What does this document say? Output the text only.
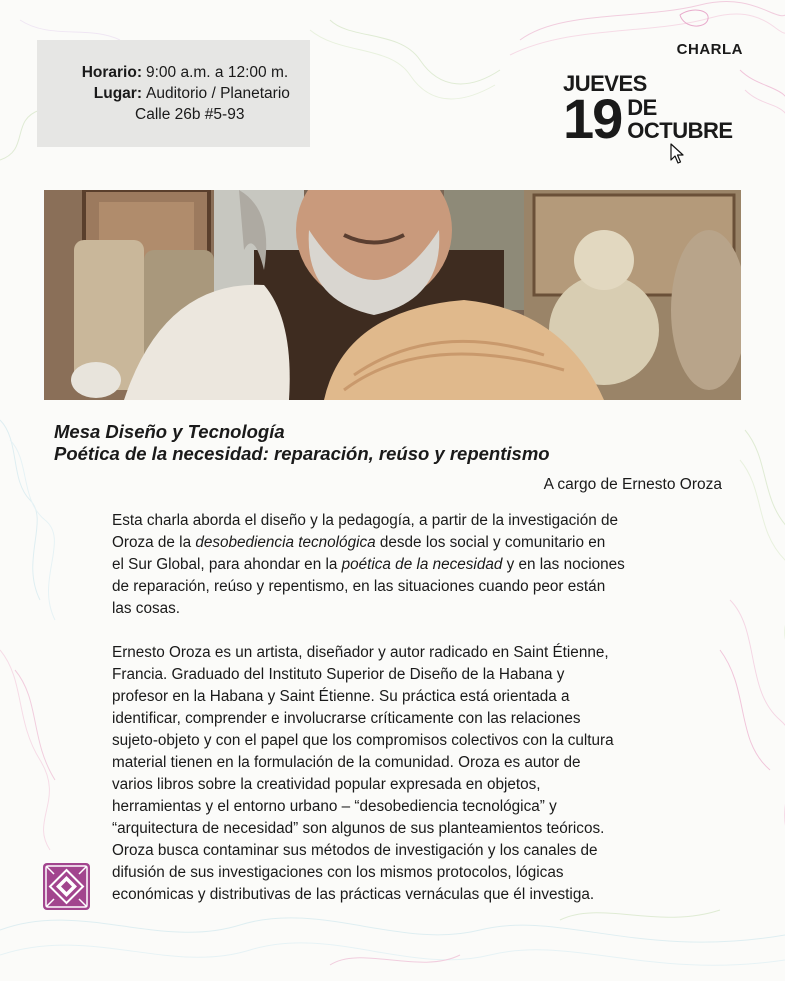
Horario: 9:00 a.m. a 12:00 m.
Lugar: Auditorio / Planetario
Calle 26b #5-93
CHARLA
JUEVES
19 DE
OCTUBRE
Mesa Diseño y Tecnología
Poética de la necesidad: reparación, reúso y repentismo
A cargo de Ernesto Oroza

Esta charla aborda el diseño y la pedagogía, a partir de la investigación de
Oroza de la desobediencia tecnológica desde los social y comunitario en
el Sur Global, para ahondar en la poética de la necesidad y en las nociones
de reparación, reúso y repentismo, en las situaciones cuando peor están
las cosas.

Ernesto Oroza es un artista, diseñador y autor radicado en Saint Étienne,
Francia. Graduado del Instituto Superior de Diseño de la Habana y
profesor en la Habana y Saint Étienne. Su práctica está orientada a
identificar, comprender e involucrarse críticamente con las relaciones
sujeto-objeto y con el papel que los compromisos colectivos con la cultura
material tienen en la formulación de la comunidad. Oroza es autor de
varios libros sobre la creatividad popular expresada en objetos,
herramientas y el entorno urbano – “desobediencia tecnológica” y
“arquitectura de necesidad” son algunos de sus planteamientos teóricos.
Oroza busca contaminar sus métodos de investigación y los canales de
difusión de sus investigaciones con los mismos protocolos, lógicas
económicas y distributivas de las prácticas vernáculas que él investiga.
